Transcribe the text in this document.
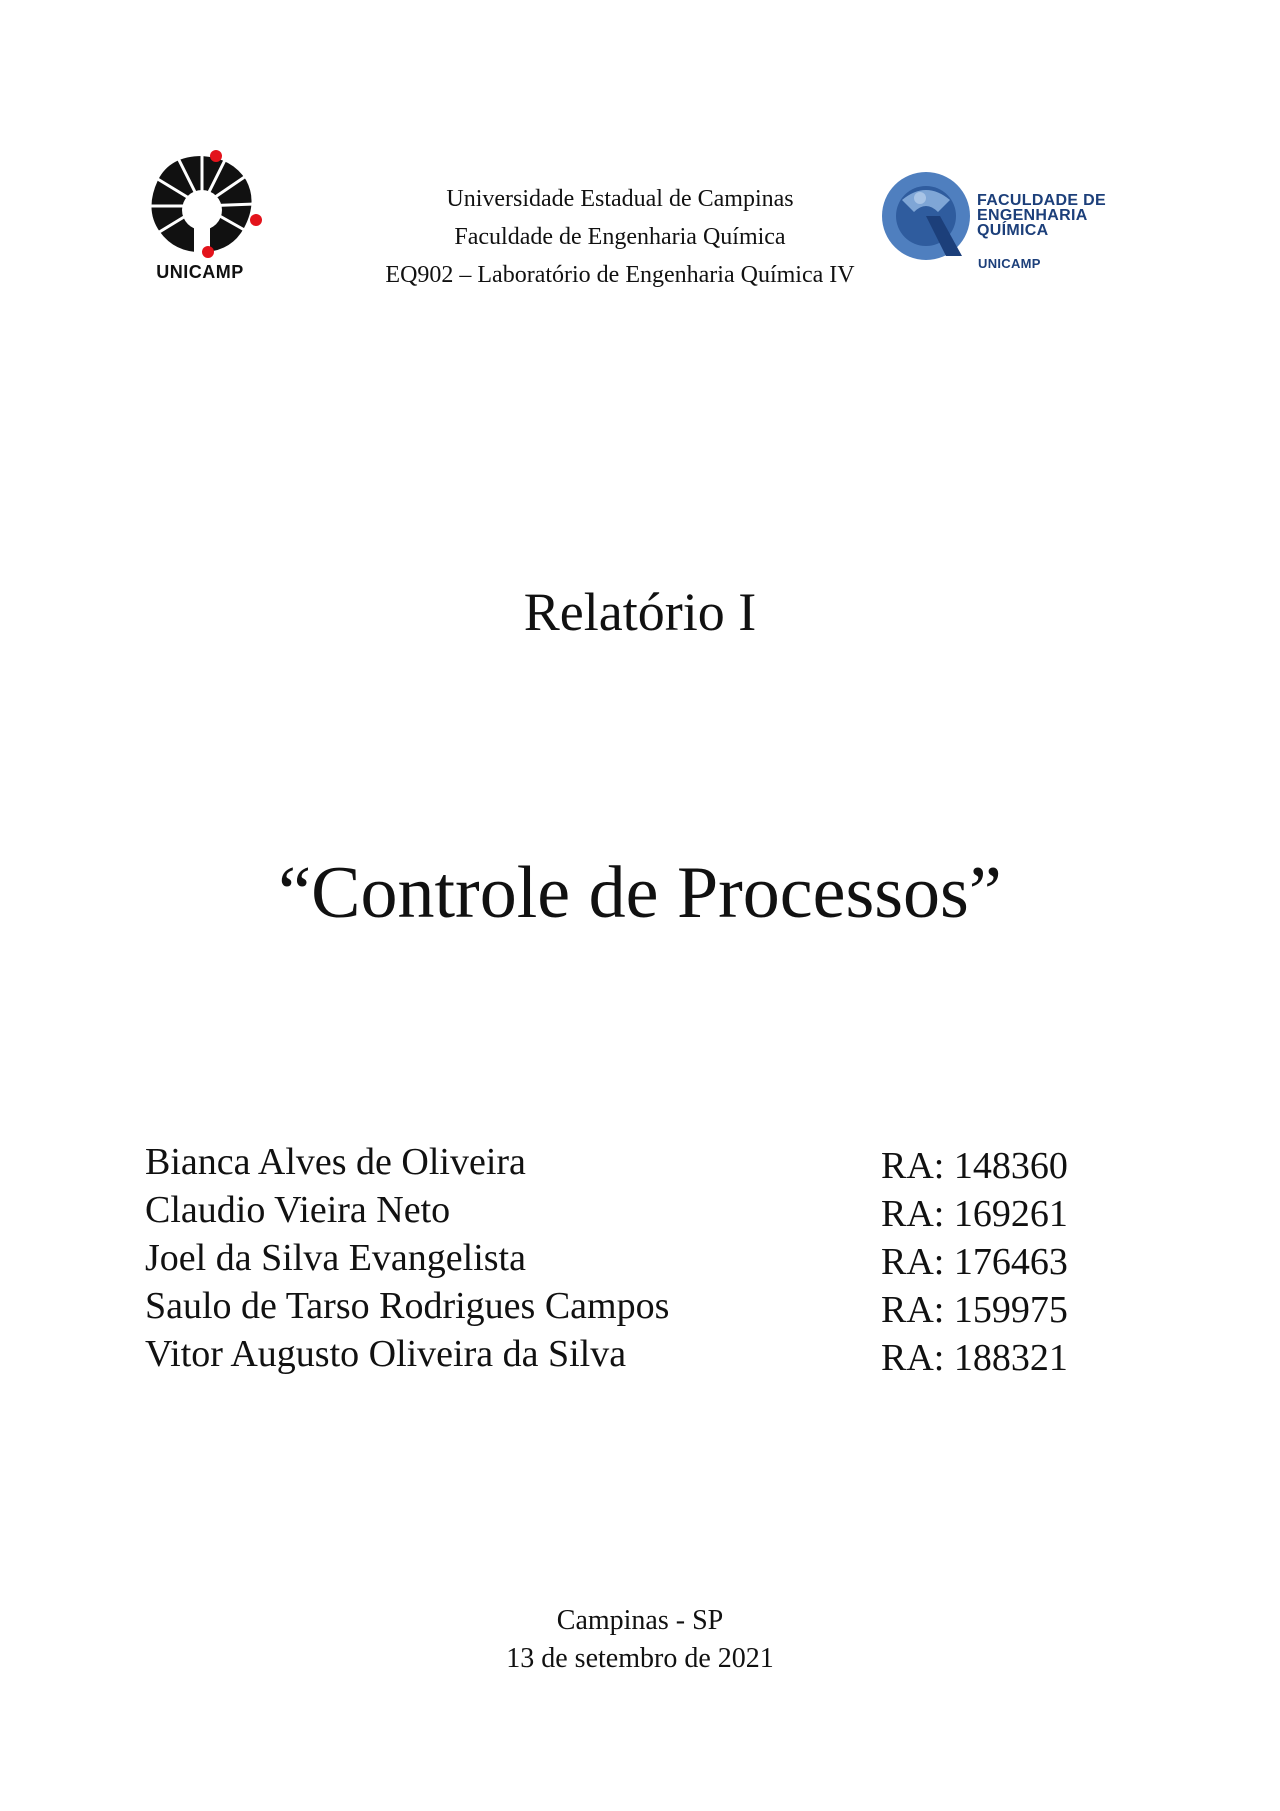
UNICAMP
Universidade Estadual de Campinas
Faculdade de Engenharia Química
EQ902 – Laboratório de Engenharia Química IV
FACULDADE DE
ENGENHARIA
QUÍMICA
UNICAMP
Relatório I
“Controle de Processos”
Bianca Alves de Oliveira	RA: 148360
Claudio Vieira Neto	RA: 169261
Joel da Silva Evangelista	RA: 176463
Saulo de Tarso Rodrigues Campos	RA: 159975
Vitor Augusto Oliveira da Silva	RA: 188321
Campinas - SP
13 de setembro de 2021
